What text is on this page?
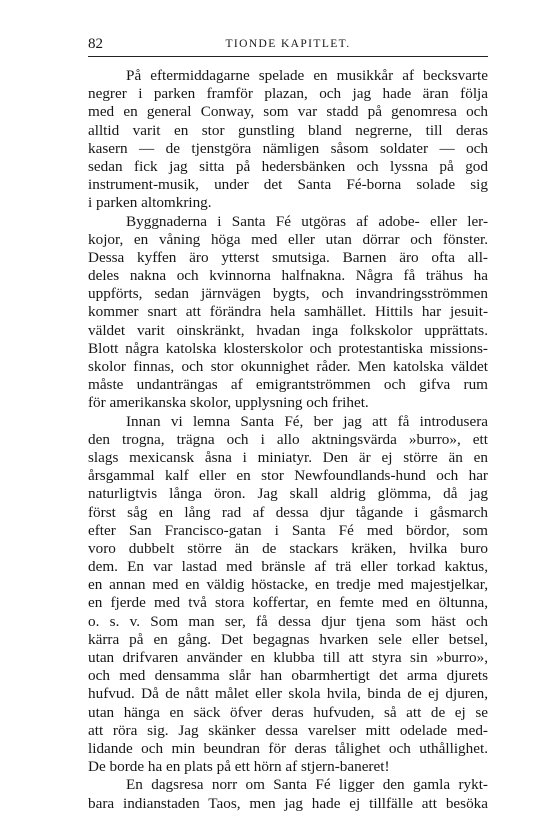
82	TIONDE KAPITLET.
På eftermiddagarne spelade en musikkår af becksvarte
negrer i parken framför plazan, och jag hade äran följa
med en general Conway, som var stadd på genomresa och
alltid varit en stor gunstling bland negrerne, till deras
kasern — de tjenstgöra nämligen såsom soldater — och
sedan fick jag sitta på hedersbänken och lyssna på god
instrument-musik, under det Santa Fé-borna solade sig
i parken altomkring.
Byggnaderna i Santa Fé utgöras af adobe- eller ler-
kojor, en våning höga med eller utan dörrar och fönster.
Dessa kyffen äro ytterst smutsiga. Barnen äro ofta all-
deles nakna och kvinnorna halfnakna. Några få trähus ha
uppförts, sedan järnvägen bygts, och invandringsströmmen
kommer snart att förändra hela samhället. Hittils har jesuit-
väldet varit oinskränkt, hvadan inga folkskolor upprättats.
Blott några katolska klosterskolor och protestantiska missions-
skolor finnas, och stor okunnighet råder. Men katolska väldet
måste undanträngas af emigrantströmmen och gifva rum
för amerikanska skolor, upplysning och frihet.
Innan vi lemna Santa Fé, ber jag att få introdusera
den trogna, trägna och i allo aktningsvärda »burro», ett
slags mexicansk åsna i miniatyr. Den är ej större än en
årsgammal kalf eller en stor Newfoundlands-hund och har
naturligtvis långa öron. Jag skall aldrig glömma, då jag
först såg en lång rad af dessa djur tågande i gåsmarch
efter San Francisco-gatan i Santa Fé med bördor, som
voro dubbelt större än de stackars kräken, hvilka buro
dem. En var lastad med bränsle af trä eller torkad kaktus,
en annan med en väldig höstacke, en tredje med majestjelkar,
en fjerde med två stora koffertar, en femte med en öltunna,
o. s. v. Som man ser, få dessa djur tjena som häst och
kärra på en gång. Det begagnas hvarken sele eller betsel,
utan drifvaren använder en klubba till att styra sin »burro»,
och med densamma slår han obarmhertigt det arma djurets
hufvud. Då de nått målet eller skola hvila, binda de ej djuren,
utan hänga en säck öfver deras hufvuden, så att de ej se
att röra sig. Jag skänker dessa varelser mitt odelade med-
lidande och min beundran för deras tålighet och uthållighet.
De borde ha en plats på ett hörn af stjern-baneret!
En dagsresa norr om Santa Fé ligger den gamla rykt-
bara indianstaden Taos, men jag hade ej tillfälle att besöka
